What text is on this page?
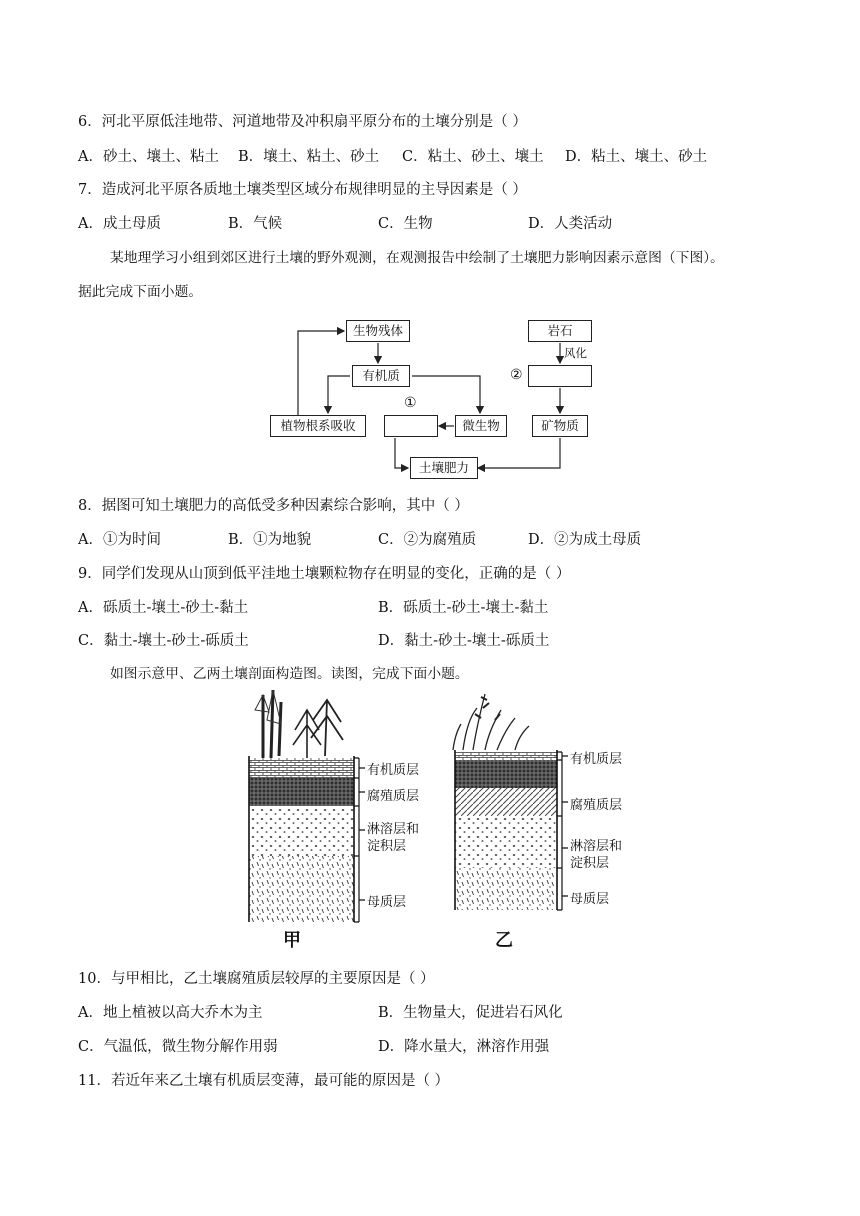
6．河北平原低洼地带、河道地带及冲积扇平原分布的土壤分别是（ ）
A．砂土、壤土、粘土 B．壤土、粘土、砂土 C．粘土、砂土、壤土 D．粘土、壤土、砂土
7．造成河北平原各质地土壤类型区域分布规律明显的主导因素是（ ）
A．成土母质	B．气候	C．生物	D．人类活动
某地理学习小组到郊区进行土壤的野外观测，在观测报告中绘制了土壤肥力影响因素示意图（下图）。
据此完成下面小题。
生物残体
有机质
植物根系吸收
①
微生物
土壤肥力
岩石
风化
②
矿物质
8．据图可知土壤肥力的高低受多种因素综合影响，其中（ ）
A．①为时间	B．①为地貌	C．②为腐殖质	D．②为成土母质
9．同学们发现从山顶到低平洼地土壤颗粒物存在明显的变化，正确的是（ ）
A．砾质土-壤土-砂土-黏土	B．砾质土-砂土-壤土-黏土
C．黏土-壤土-砂土-砾质土	D．黏土-砂土-壤土-砾质土
如图示意甲、乙两土壤剖面构造图。读图，完成下面小题。
有机质层
腐殖质层
淋溶层和
淀积层
母质层
有机质层
腐殖质层
淋溶层和
淀积层
母质层
甲	乙
10．与甲相比，乙土壤腐殖质层较厚的主要原因是（ ）
A．地上植被以高大乔木为主	B．生物量大，促进岩石风化
C．气温低，微生物分解作用弱	D．降水量大，淋溶作用强
11．若近年来乙土壤有机质层变薄，最可能的原因是（ ）
